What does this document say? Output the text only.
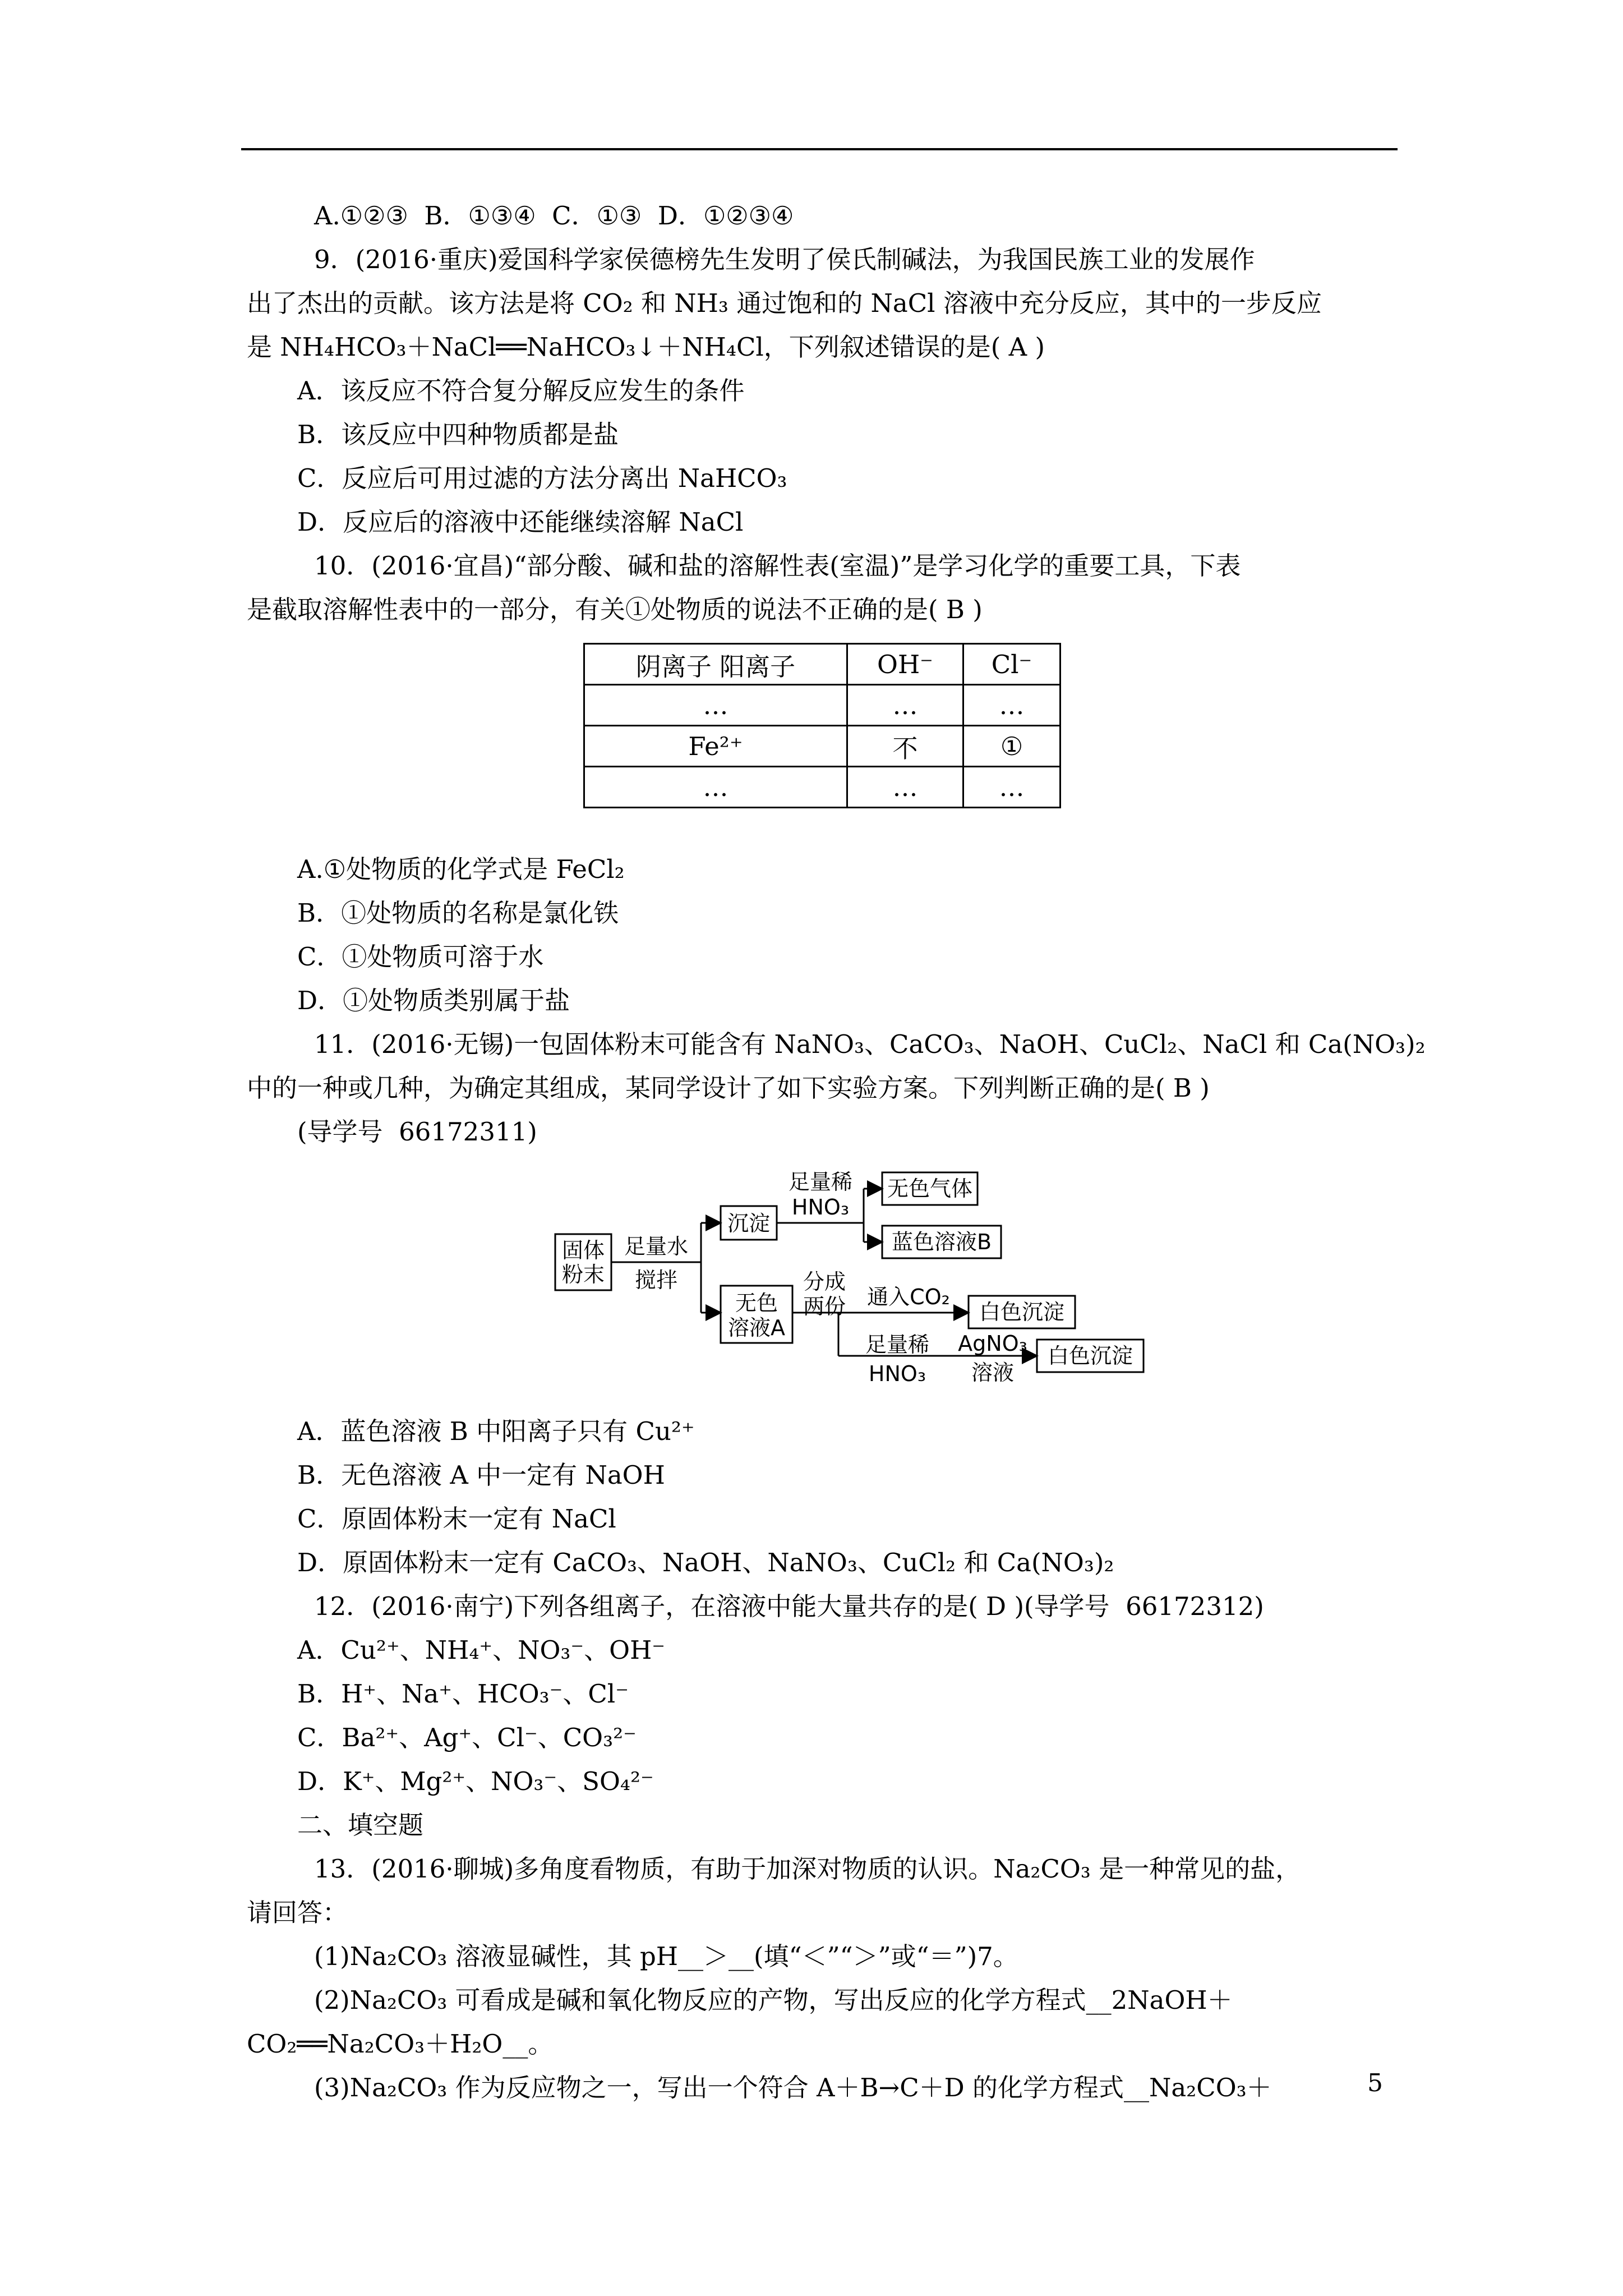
A.①②③  B．①③④  C．①③  D．①②③④
9．(2016·重庆)爱国科学家侯德榜先生发明了侯氏制碱法，为我国民族工业的发展作
出了杰出的贡献。该方法是将 CO₂ 和 NH₃ 通过饱和的 NaCl 溶液中充分反应，其中的一步反应
是 NH₄HCO₃＋NaCl══NaHCO₃↓＋NH₄Cl，下列叙述错误的是( A )
A．该反应不符合复分解反应发生的条件
B．该反应中四种物质都是盐
C．反应后可用过滤的方法分离出 NaHCO₃
D．反应后的溶液中还能继续溶解 NaCl
10．(2016·宜昌)“部分酸、碱和盐的溶解性表(室温)”是学习化学的重要工具，下表
是截取溶解性表中的一部分，有关①处物质的说法不正确的是( B )
阴离子 阳离子	OH⁻	Cl⁻
…	…	…
Fe²⁺	不	①
…	…	…
A.①处物质的化学式是 FeCl₂
B．①处物质的名称是氯化铁
C．①处物质可溶于水
D．①处物质类别属于盐
11．(2016·无锡)一包固体粉末可能含有 NaNO₃、CaCO₃、NaOH、CuCl₂、NaCl 和 Ca(NO₃)₂
中的一种或几种，为确定其组成，某同学设计了如下实验方案。下列判断正确的是( B )
(导学号  66172311)
固体
粉末
足量水
搅拌
沉淀
足量稀
HNO₃
无色气体
蓝色溶液B
无色
溶液A
分成
两份 通入CO₂
白色沉淀
足量稀
HNO₃
AgNO₃
溶液
白色沉淀
A．蓝色溶液 B 中阳离子只有 Cu²⁺
B．无色溶液 A 中一定有 NaOH
C．原固体粉末一定有 NaCl
D．原固体粉末一定有 CaCO₃、NaOH、NaNO₃、CuCl₂ 和 Ca(NO₃)₂
12．(2016·南宁)下列各组离子，在溶液中能大量共存的是( D )(导学号  66172312)
A．Cu²⁺、NH₄⁺、NO₃⁻、OH⁻
B．H⁺、Na⁺、HCO₃⁻、Cl⁻
C．Ba²⁺、Ag⁺、Cl⁻、CO₃²⁻
D．K⁺、Mg²⁺、NO₃⁻、SO₄²⁻
二、填空题
13．(2016·聊城)多角度看物质，有助于加深对物质的认识。Na₂CO₃ 是一种常见的盐，
请回答：
(1)Na₂CO₃ 溶液显碱性，其 pH__＞__(填“＜”“＞”或“＝”)7。
(2)Na₂CO₃ 可看成是碱和氧化物反应的产物，写出反应的化学方程式__2NaOH＋
CO₂══Na₂CO₃＋H₂O__。
(3)Na₂CO₃ 作为反应物之一，写出一个符合 A＋B→C＋D 的化学方程式__Na₂CO₃＋	5
